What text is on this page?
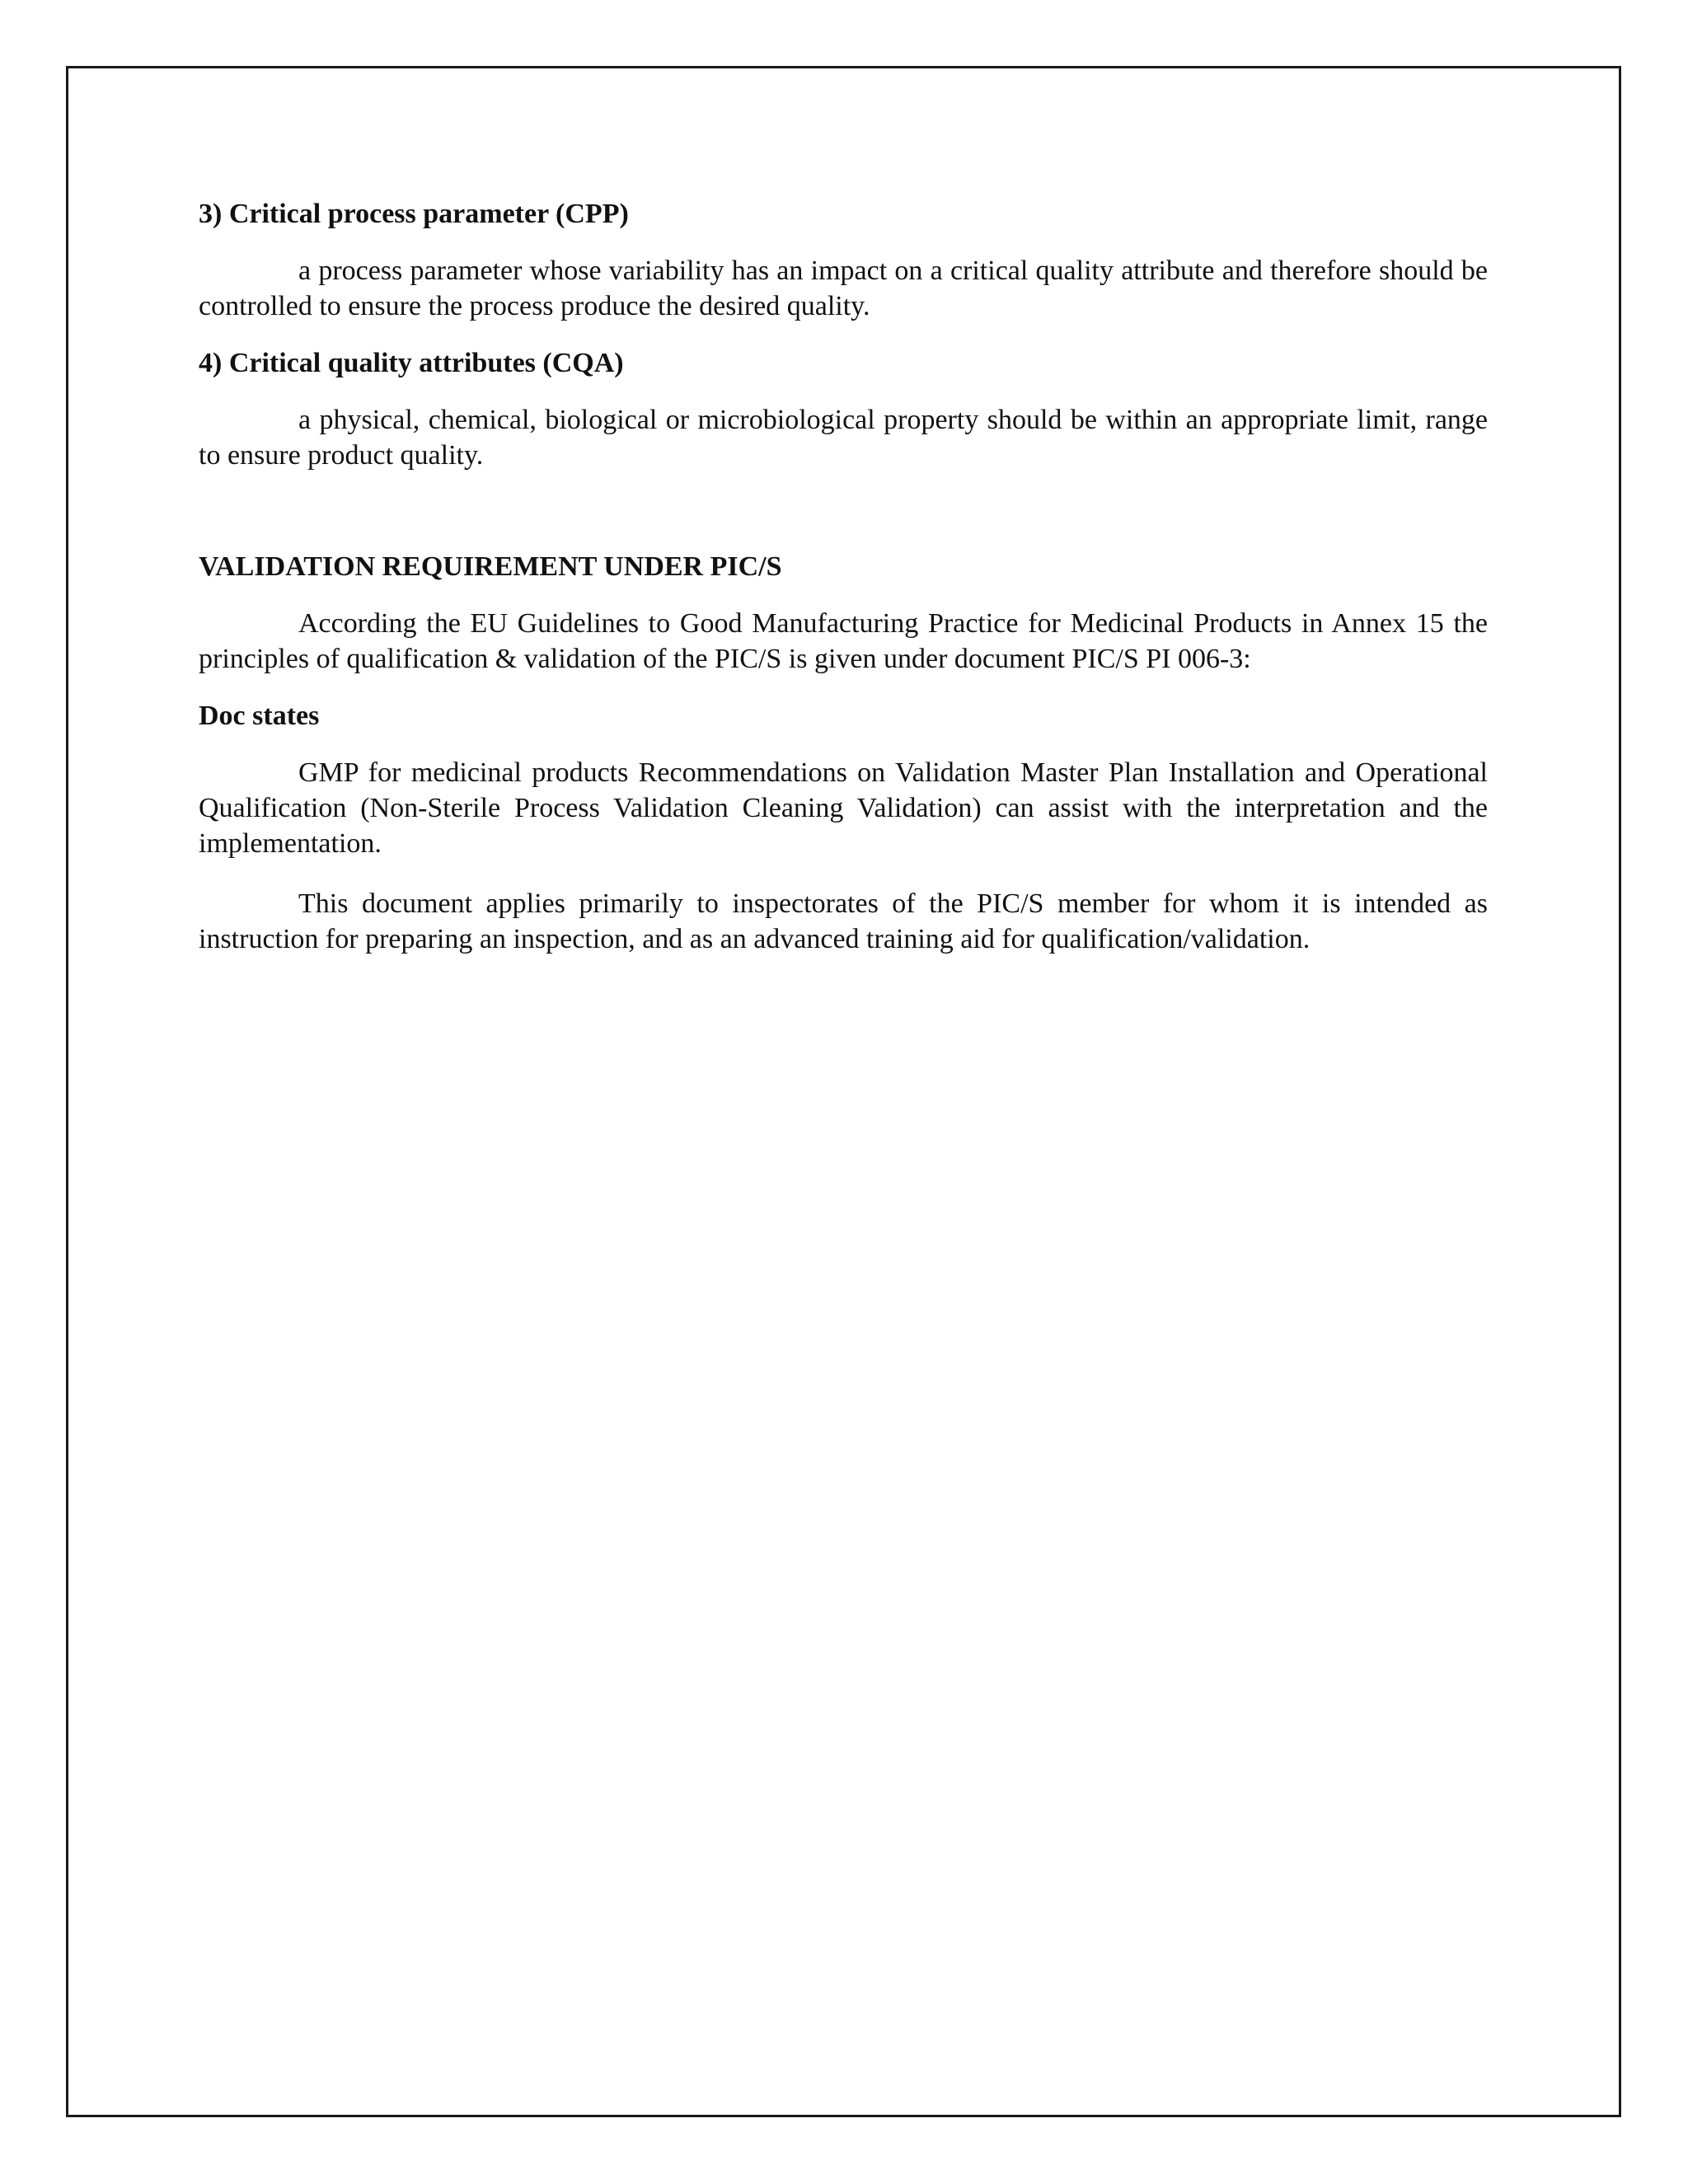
3) Critical process parameter (CPP)

a process parameter whose variability has an impact on a critical quality attribute and therefore should be controlled to ensure the process produce the desired quality.

4) Critical quality attributes (CQA)

a physical, chemical, biological or microbiological property should be within an appropriate limit, range to ensure product quality.

VALIDATION REQUIREMENT UNDER PIC/S

According the EU Guidelines to Good Manufacturing Practice for Medicinal Products in Annex 15 the principles of qualification & validation of the PIC/S is given under document PIC/S PI 006-3:

Doc states

GMP for medicinal products Recommendations on Validation Master Plan Installation and Operational Qualification (Non-Sterile Process Validation Cleaning Validation) can assist with the interpretation and the implementation.

This document applies primarily to inspectorates of the PIC/S member for whom it is intended as instruction for preparing an inspection, and as an advanced training aid for qualification/validation.
